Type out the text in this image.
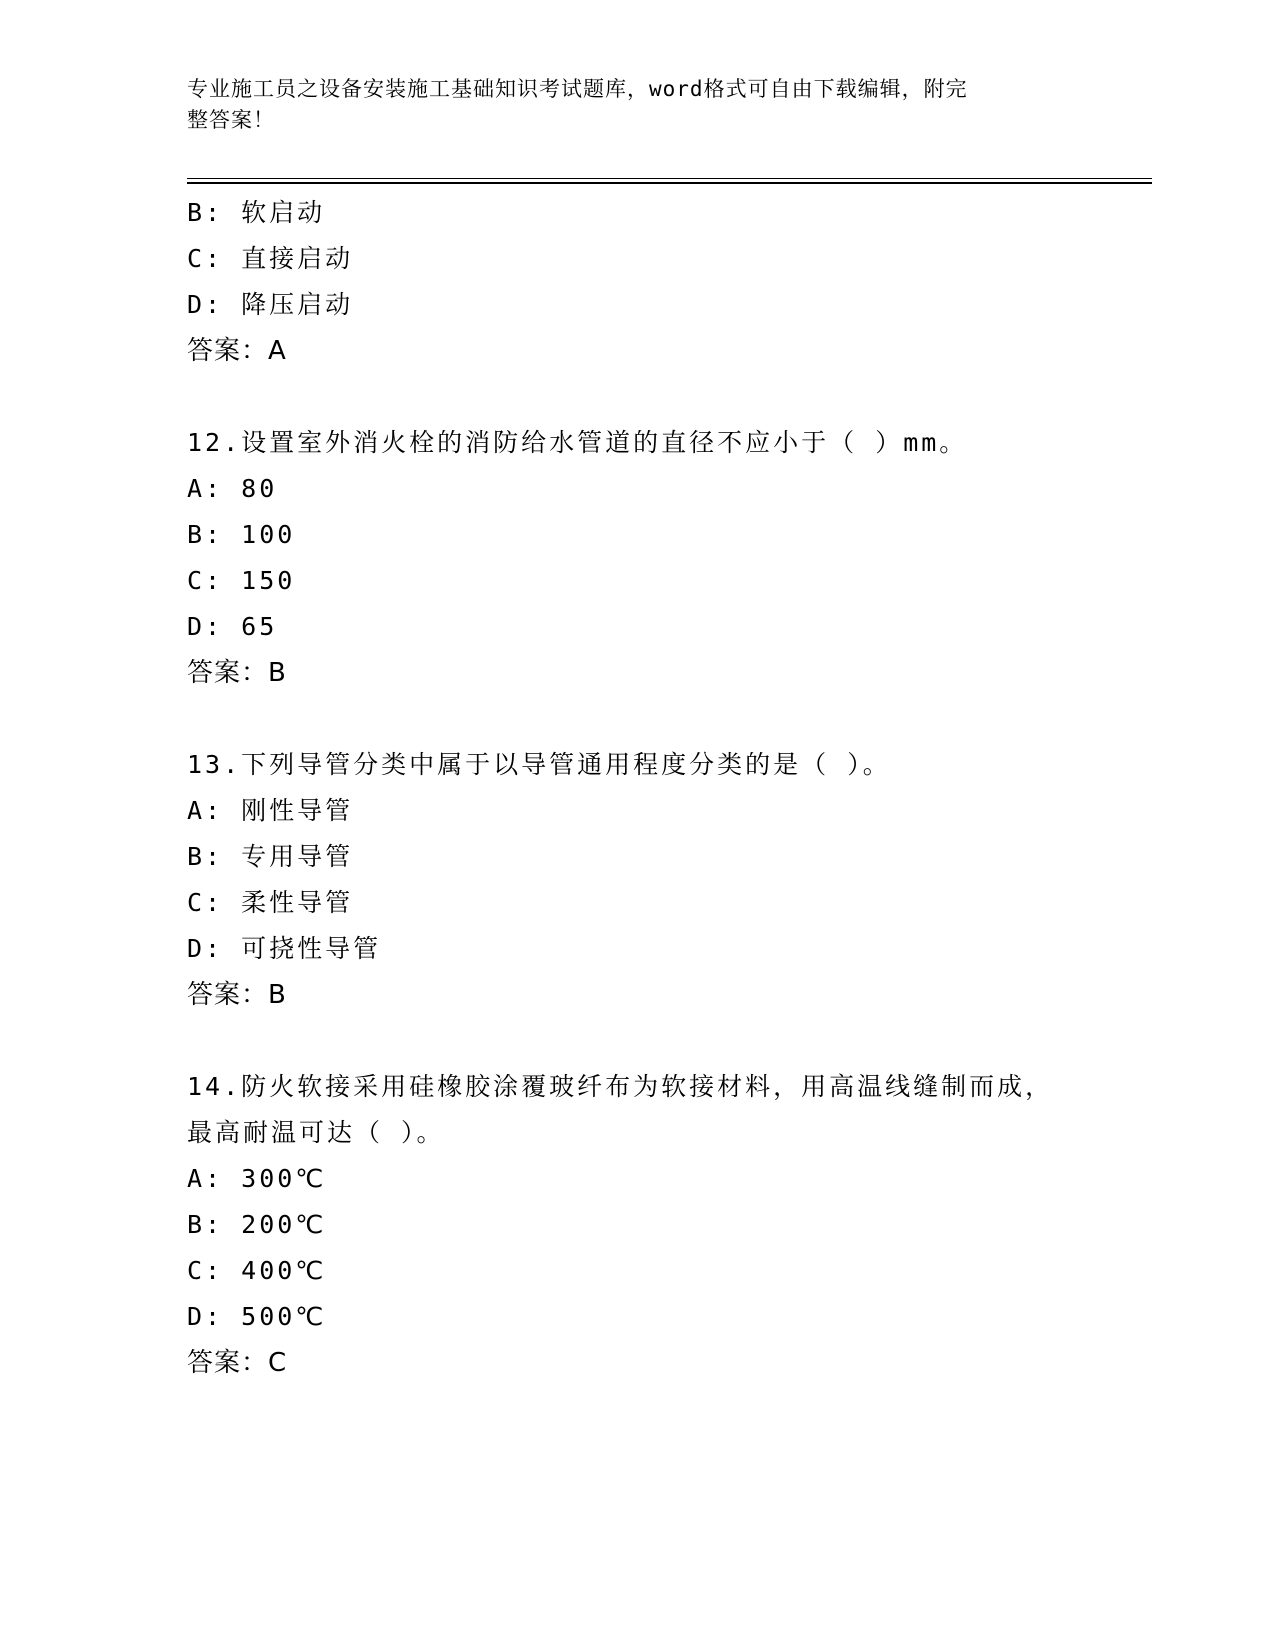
专业施工员之设备安装施工基础知识考试题库，word格式可自由下载编辑，附完
整答案！
B: 软启动
C: 直接启动
D: 降压启动
答案：A
12.设置室外消火栓的消防给水管道的直径不应小于（ ）mm。
A: 80
B: 100
C: 150
D: 65
答案：B
13.下列导管分类中属于以导管通用程度分类的是（ ）。
A: 刚性导管
B: 专用导管
C: 柔性导管
D: 可挠性导管
答案：B
14.防火软接采用硅橡胶涂覆玻纤布为软接材料，用高温线缝制而成，
最高耐温可达（ ）。
A: 300℃
B: 200℃
C: 400℃
D: 500℃
答案：C
